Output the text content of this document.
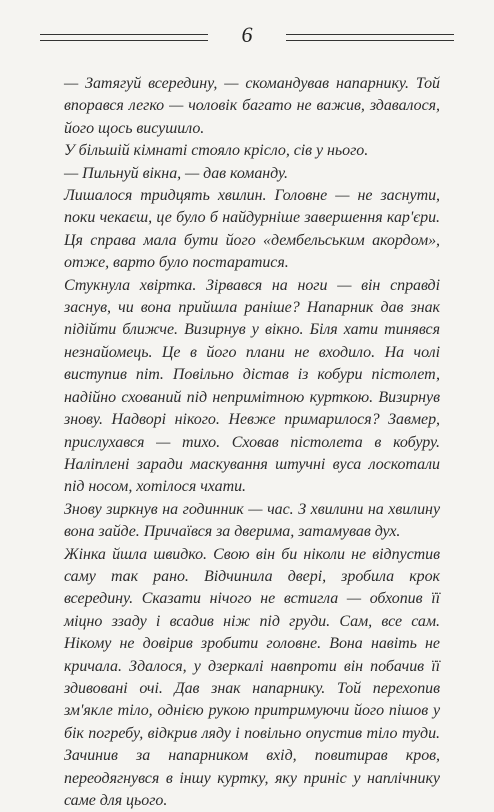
6

— Затягуй всередину, — скомандував напарнику. Той впорався легко — чоловік багато не важив, здавалося, його щось висушило.

У більшій кімнаті стояло крісло, сів у нього.

— Пильнуй вікна, — дав команду.

Лишалося тридцять хвилин. Головне — не заснути, поки чекаєш, це було б найдурніше завершення кар'єри. Ця справа мала бути його «дембельським акордом», отже, варто було постаратися.

Стукнула хвіртка. Зірвався на ноги — він справді заснув, чи вона прийшла раніше? Напарник дав знак підійти ближче. Визирнув у вікно. Біля хати тинявся незнайомець. Це в його плани не входило. На чолі виступив піт. Повільно дістав із кобури пістолет, надійно схований під непримітною курткою. Визирнув знову. Надворі нікого. Невже примарилося? Завмер, прислухався — тихо. Сховав пістолета в кобуру. Наліплені заради маскування штучні вуса лоскотали під носом, хотілося чхати.

Знову зиркнув на годинник — час. З хвилини на хвилину вона зайде. Причаївся за дверима, затамував дух.

Жінка йшла швидко. Свою він би ніколи не відпустив саму так рано. Відчинила двері, зробила крок всередину. Сказати нічого не встигла — обхопив її міцно ззаду і всадив ніж під груди. Сам, все сам. Нікому не довірив зробити головне. Вона навіть не кричала. Здалося, у дзеркалі навпроти він побачив її здивовані очі. Дав знак напарнику. Той перехопив зм'якле тіло, однією рукою притримуючи його пішов у бік погребу, відкрив ляду і повільно опустив тіло туди. Зачинив за напарником вхід, повитирав кров, переодягнувся в іншу куртку, яку приніс у наплічнику саме для цього.
